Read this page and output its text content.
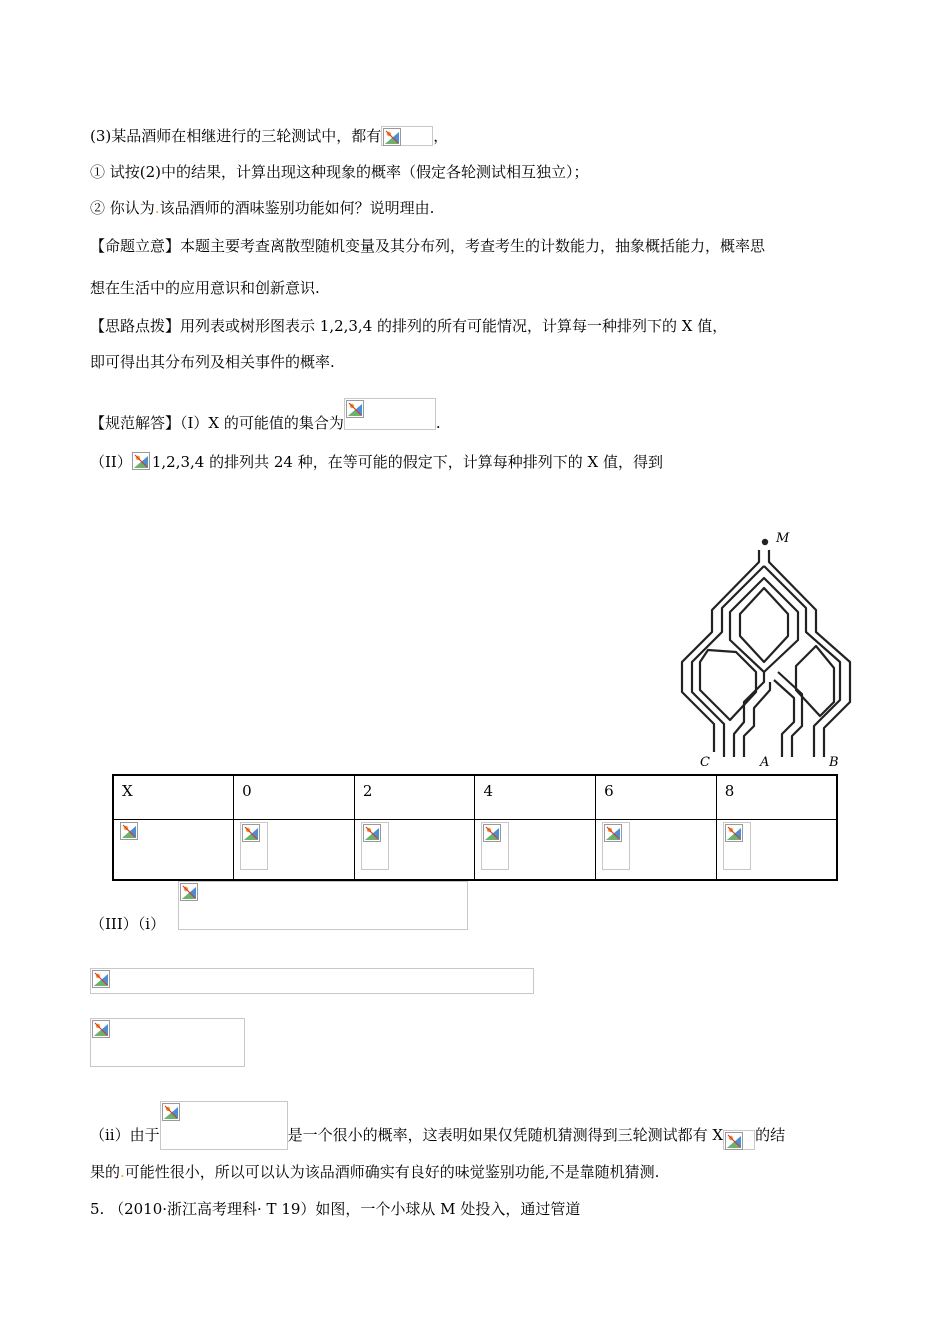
(3)某品酒师在相继进行的三轮测试中，都有	，
① 试按(2)中的结果，计算出现这种现象的概率（假定各轮测试相互独立）；
② 你认为.该品酒师的酒味鉴别功能如何？说明理由.
【命题立意】本题主要考查离散型随机变量及其分布列，考查考生的计数能力，抽象概括能力，概率思
想在生活中的应用意识和创新意识.
【思路点拨】用列表或树形图表示 1,2,3,4 的排列的所有可能情况，计算每一种排列下的 X 值，
即可得出其分布列及相关事件的概率.
【规范解答】（I）X 的可能值的集合为	.
（II） 1,2,3,4 的排列共 24 种，在等可能的假定下，计算每种排列下的 X 值，得到
M
C	A	B
X	0	2	4	6	8

（III）（i）
（ii）由于	是一个很小的概率，这表明如果仅凭随机猜测得到三轮测试都有 X 的结
果的.可能性很小，所以可以认为该品酒师确实有良好的味觉鉴别功能,不是靠随机猜测.
5. （2010·浙江高考理科· T 19）如图，一个小球从 M 处投入，通过管道
